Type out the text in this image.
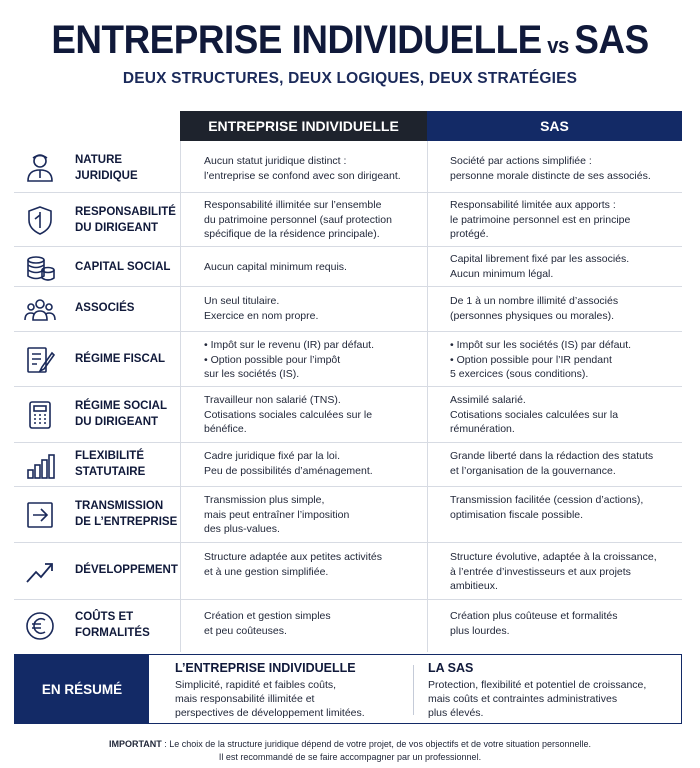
ENTREPRISE INDIVIDUELLE vs SAS
DEUX STRUCTURES, DEUX LOGIQUES, DEUX STRATÉGIES
ENTREPRISE INDIVIDUELLE	SAS
NATURE
JURIDIQUE
Aucun statut juridique distinct :
l’entreprise se confond avec son dirigeant.
Société par actions simplifiée :
personne morale distincte de ses associés.
RESPONSABILITÉ
DU DIRIGEANT
Responsabilité illimitée sur l’ensemble
du patrimoine personnel (sauf protection
spécifique de la résidence principale).
Responsabilité limitée aux apports :
le patrimoine personnel est en principe
protégé.
CAPITAL SOCIAL	Aucun capital minimum requis.
Capital librement fixé par les associés.
Aucun minimum légal.
ASSOCIÉS
Un seul titulaire.
Exercice en nom propre.
De 1 à un nombre illimité d’associés
(personnes physiques ou morales).
RÉGIME FISCAL
• Impôt sur le revenu (IR) par défaut.
• Option possible pour l’impôt
sur les sociétés (IS).
• Impôt sur les sociétés (IS) par défaut.
• Option possible pour l’IR pendant
5 exercices (sous conditions).
RÉGIME SOCIAL
DU DIRIGEANT
Travailleur non salarié (TNS).
Cotisations sociales calculées sur le
bénéfice.
Assimilé salarié.
Cotisations sociales calculées sur la
rémunération.
FLEXIBILITÉ
STATUTAIRE
Cadre juridique fixé par la loi.
Peu de possibilités d’aménagement.
Grande liberté dans la rédaction des statuts
et l’organisation de la gouvernance.
TRANSMISSION
DE L’ENTREPRISE
Transmission plus simple,
mais peut entraîner l’imposition
des plus-values.
Transmission facilitée (cession d’actions),
optimisation fiscale possible.
DÉVELOPPEMENT
Structure adaptée aux petites activités
et à une gestion simplifiée.
Structure évolutive, adaptée à la croissance,
à l’entrée d’investisseurs et aux projets
ambitieux.
COÛTS ET
FORMALITÉS
Création et gestion simples
et peu coûteuses.
Création plus coûteuse et formalités
plus lourdes.
EN RÉSUMÉ
L’ENTREPRISE INDIVIDUELLE
Simplicité, rapidité et faibles coûts,
mais responsabilité illimitée et
perspectives de développement limitées.
LA SAS
Protection, flexibilité et potentiel de croissance,
mais coûts et contraintes administratives
plus élevés.
IMPORTANT : Le choix de la structure juridique dépend de votre projet, de vos objectifs et de votre situation personnelle.
Il est recommandé de se faire accompagner par un professionnel.
